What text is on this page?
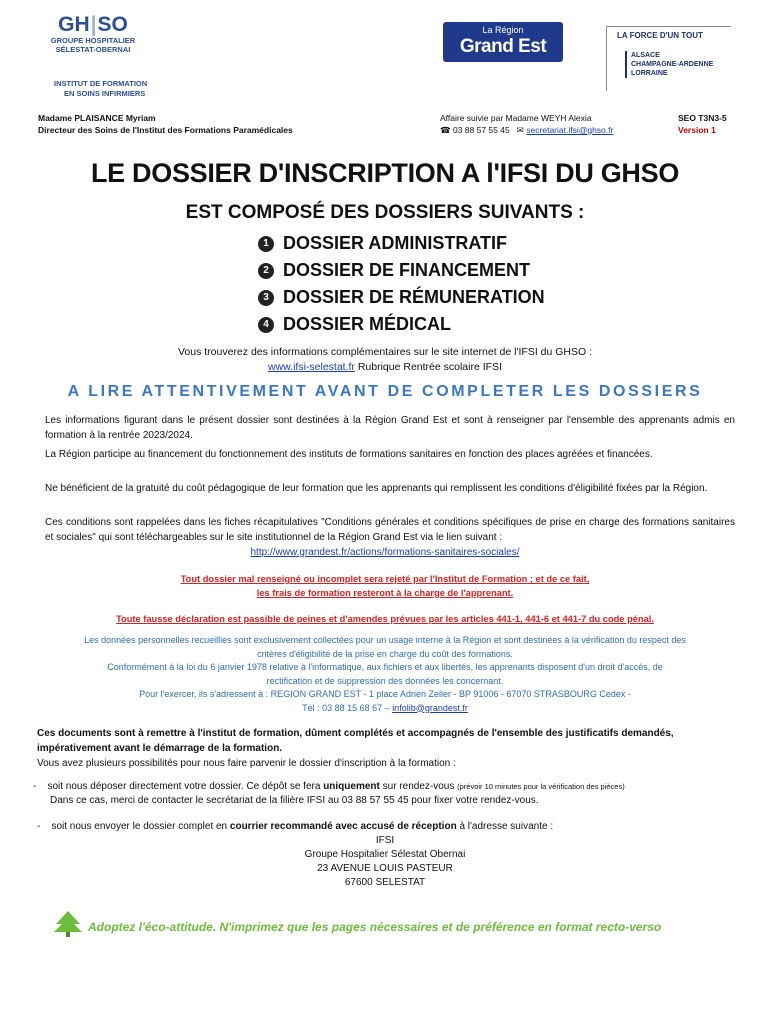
GH|SO
GROUPE HOSPITALIER
SÉLESTAT-OBERNAI
INSTITUT DE FORMATION
EN SOINS INFIRMIERS
La Région
Grand Est
LA FORCE D'UN TOUT
ALSACE
CHAMPAGNE-ARDENNE
LORRAINE
Madame PLAISANCE Myriam
Directeur des Soins de l'Institut des Formations Paramédicales
Affaire suivie par Madame WEYH Alexia
☎ 03 88 57 55 45 ✉ secretariat.ifsi@ghso.fr
SEO T3N3-5
Version 1
LE DOSSIER D'INSCRIPTION A l'IFSI DU GHSO
EST COMPOSÉ DES DOSSIERS SUIVANTS :
1 DOSSIER ADMINISTRATIF
2 DOSSIER DE FINANCEMENT
3 DOSSIER DE RÉMUNERATION
4 DOSSIER MÉDICAL
Vous trouverez des informations complémentaires sur le site internet de l'IFSI du GHSO :
www.ifsi-selestat.fr Rubrique Rentrée scolaire IFSI
A LIRE ATTENTIVEMENT AVANT DE COMPLETER LES DOSSIERS
Les informations figurant dans le présent dossier sont destinées à la Région Grand Est et sont à renseigner par l'ensemble des apprenants admis en formation à la rentrée 2023/2024.
La Région participe au financement du fonctionnement des instituts de formations sanitaires en fonction des places agréées et financées.
Ne bénéficient de la gratuité du coût pédagogique de leur formation que les apprenants qui remplissent les conditions d'éligibilité fixées par la Région.
Ces conditions sont rappelées dans les fiches récapitulatives "Conditions générales et conditions spécifiques de prise en charge des formations sanitaires et sociales" qui sont téléchargeables sur le site institutionnel de la Région Grand Est via le lien suivant :
http://www.grandest.fr/actions/formations-sanitaires-sociales/
Tout dossier mal renseigné ou incomplet sera rejeté par l'Institut de Formation ; et de ce fait,
les frais de formation resteront à la charge de l'apprenant.
Toute fausse déclaration est passible de peines et d'amendes prévues par les articles 441-1, 441-6 et 441-7 du code pénal.
Les données personnelles recueillies sont exclusivement collectées pour un usage interne à la Région et sont destinées à la vérification du respect des
critères d'éligibilité de la prise en charge du coût des formations.
Conformément à la loi du 6 janvier 1978 relative à l'informatique, aux fichiers et aux libertés, les apprenants disposent d'un droit d'accès, de
rectification et de suppression des données les concernant.
Pour l'exercer, ils s'adressent à : REGION GRAND EST - 1 place Adrien Zeller - BP 91006 - 67070 STRASBOURG Cedex -
Tél : 03 88 15 68 67 – infolib@grandest.fr
Ces documents sont à remettre à l'institut de formation, dûment complétés et accompagnés de l'ensemble des justificatifs demandés, impérativement avant le démarrage de la formation.
Vous avez plusieurs possibilités pour nous faire parvenir le dossier d'inscription à la formation :
- soit nous déposer directement votre dossier. Ce dépôt se fera uniquement sur rendez-vous (prévoir 10 minutes pour la vérification des pièces)
Dans ce cas, merci de contacter le secrétariat de la filière IFSI au 03 88 57 55 45 pour fixer votre rendez-vous.
- soit nous envoyer le dossier complet en courrier recommandé avec accusé de réception à l'adresse suivante :
IFSI
Groupe Hospitalier Sélestat Obernai
23 AVENUE LOUIS PASTEUR
67600 SELESTAT
Adoptez l'éco-attitude. N'imprimez que les pages nécessaires et de préférence en format recto-verso
